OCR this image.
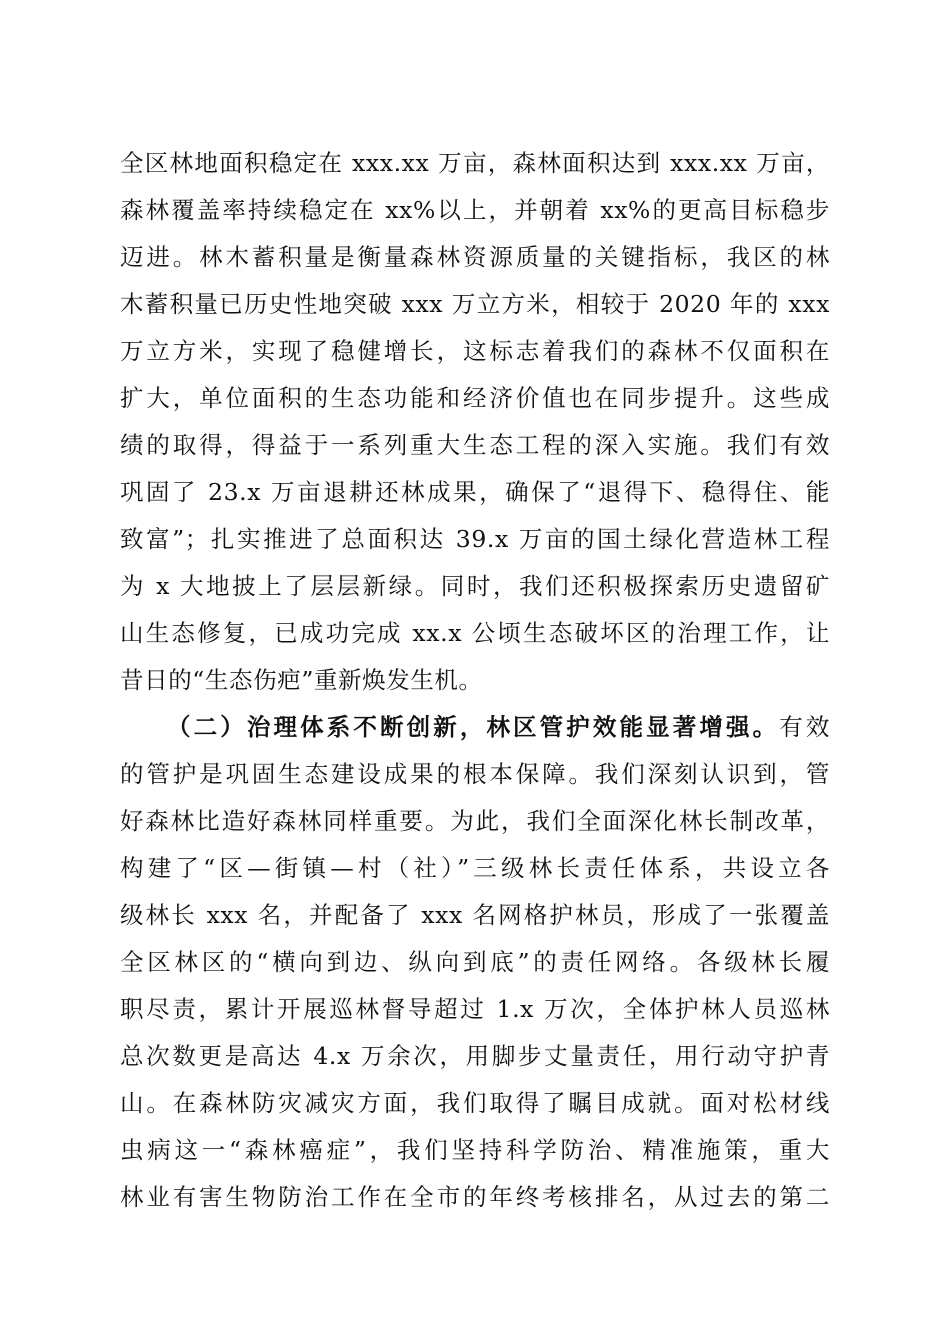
全区林地面积稳定在 xxx.xx 万亩，森林面积达到 xxx.xx 万亩，
森林覆盖率持续稳定在 xx%以上，并朝着 xx%的更高目标稳步
迈进。林木蓄积量是衡量森林资源质量的关键指标，我区的林
木蓄积量已历史性地突破 xxx 万立方米，相较于 2020 年的 xxx
万立方米，实现了稳健增长，这标志着我们的森林不仅面积在
扩大，单位面积的生态功能和经济价值也在同步提升。这些成
绩的取得，得益于一系列重大生态工程的深入实施。我们有效
巩固了 23.x 万亩退耕还林成果，确保了“退得下、稳得住、能
致富”；扎实推进了总面积达 39.x 万亩的国土绿化营造林工程
为 x 大地披上了层层新绿。同时，我们还积极探索历史遗留矿
山生态修复，已成功完成 xx.x 公顷生态破坏区的治理工作，让
昔日的“生态伤疤”重新焕发生机。
（二）治理体系不断创新，林区管护效能显著增强。有效
的管护是巩固生态建设成果的根本保障。我们深刻认识到，管
好森林比造好森林同样重要。为此，我们全面深化林长制改革，
构建了“区—街镇—村（社）”三级林长责任体系，共设立各
级林长 xxx 名，并配备了 xxx 名网格护林员，形成了一张覆盖
全区林区的“横向到边、纵向到底”的责任网络。各级林长履
职尽责，累计开展巡林督导超过 1.x 万次，全体护林人员巡林
总次数更是高达 4.x 万余次，用脚步丈量责任，用行动守护青
山。在森林防灾减灾方面，我们取得了瞩目成就。面对松材线
虫病这一“森林癌症”，我们坚持科学防治、精准施策，重大
林业有害生物防治工作在全市的年终考核排名，从过去的第二
